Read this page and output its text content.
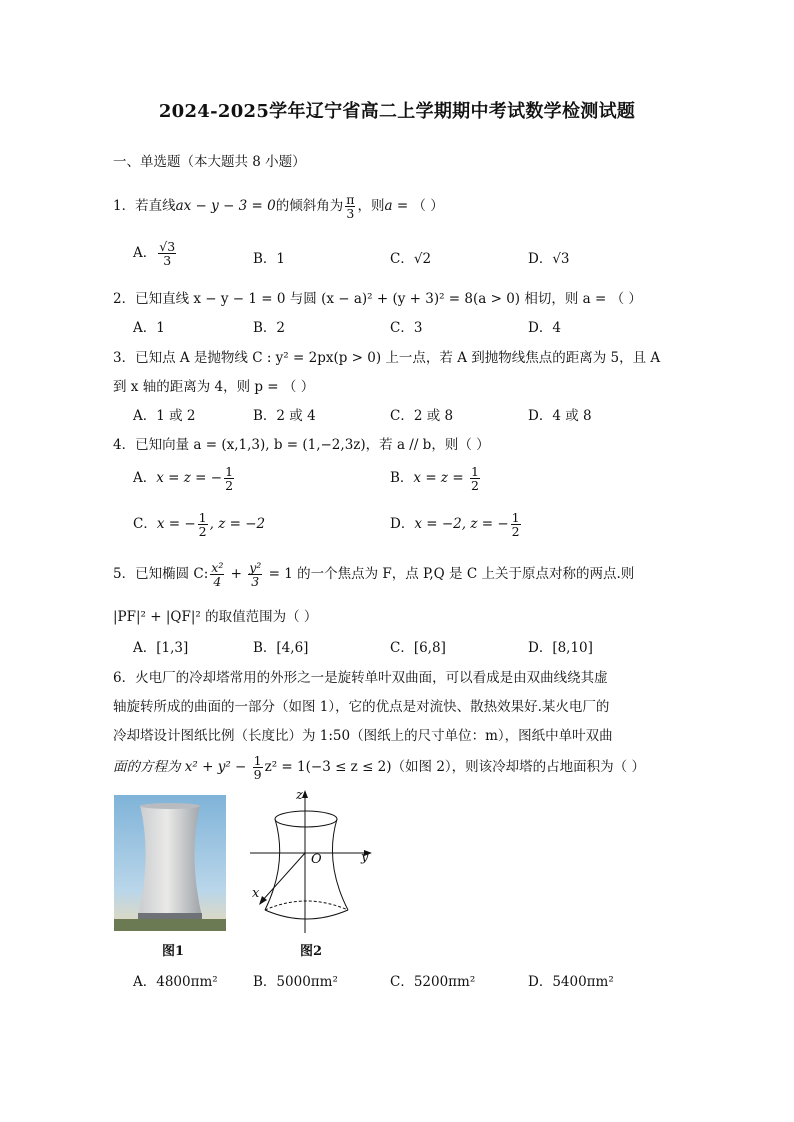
2024-2025学年辽宁省高二上学期期中考试数学检测试题
一、单选题（本大题共 8 小题）
1．若直线ax − y − 3 = 0的倾斜角为 $\frac{\pi}{3}$ ，则a = （ ）
A． $\frac{√3}{3}$	B．1	C．√2	D．√3
2．已知直线 x − y − 1 = 0 与圆 (x − a)² + (y + 3)² = 8(a > 0) 相切，则 a = （ ）
A．1	B．2	C．3	D．4
3．已知点 A 是抛物线 C : y² = 2px(p > 0) 上一点，若 A 到抛物线焦点的距离为 5，且 A
到 x 轴的距离为 4，则 p = （ ）
A．1 或 2	B．2 或 4	C．2 或 8	D．4 或 8
4．已知向量 a = (x,1,3), b = (1,−2,3z)，若 a // b，则（ ）
A．x = z = − $\frac{1}{2}$	B．$x = z = \frac{1}{2}$
C．x = − $\frac{1}{2}$ , z = −2	D．x = −2, z = − $\frac{1}{2}$
5．已知椭圆 C: $\frac{\text{x²}}{4} + \frac{\text{y²}}{3} = 1$ 的一个焦点为 F，点 P,Q 是 C 上关于原点对称的两点.则
|PF|² + |QF|² 的取值范围为（ ）
A．[1,3]	B．[4,6]	C．[6,8]	D．[8,10]
6．火电厂的冷却塔常用的外形之一是旋转单叶双曲面，可以看成是由双曲线绕其虚
轴旋转所成的曲面的一部分（如图 1），它的优点是对流快、散热效果好.某火电厂的
冷却塔设计图纸比例（长度比）为 1:50（图纸上的尺寸单位：m），图纸中单叶双曲
面的方程为 $x^2 + y^2 - \frac{1}{9} z^2 = 1(-3 \le z \le 2)$（如图 2），则该冷却塔的占地面积为（ ）
图1
z
y
x
O
图2
A．4800πm²	B．5000πm²	C．5200πm²	D．5400πm²
